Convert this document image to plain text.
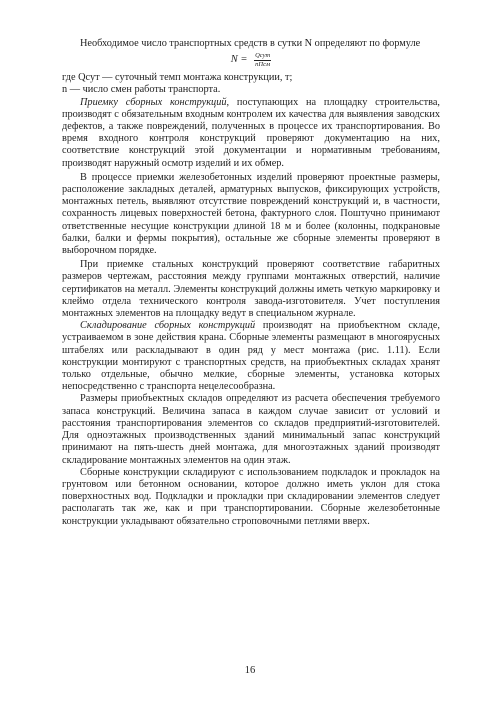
Необходимое число транспортных средств в сутки N определяют по формуле

$N = \frac{\text{Qсут}}{\text{nПсм}}$

где Qсут — суточный темп монтажа конструкции, т;

n — число смен работы транспорта.

Приемку сборных конструкций, поступающих на площадку строительства, производят с обязательным входным контролем их качества для выявления заводских дефектов, а также повреждений, полученных в процессе их транспортирования. Во время входного контроля конструкций проверяют документацию на них, соответствие конструкций этой документации и нормативным требованиям, производят наружный осмотр изделий и их обмер.

В процессе приемки железобетонных изделий проверяют проектные размеры, расположение закладных деталей, арматурных выпусков, фиксирующих устройств, монтажных петель, выявляют отсутствие повреждений конструкций и, в частности, сохранность лицевых поверхностей бетона, фактурного слоя. Поштучно принимают ответственные несущие конструкции длиной 18 м и более (колонны, подкрановые балки, балки и фермы покрытия), остальные же сборные элементы проверяют в выборочном порядке.

При приемке стальных конструкций проверяют соответствие габаритных размеров чертежам, расстояния между группами монтажных отверстий, наличие сертификатов на металл. Элементы конструкций должны иметь четкую маркировку и клеймо отдела технического контроля завода-изготовителя. Учет поступления монтажных элементов на площадку ведут в специальном журнале.

Складирование сборных конструкций производят на приобъектном складе, устраиваемом в зоне действия крана. Сборные элементы размещают в многоярусных штабелях или раскладывают в один ряд у мест монтажа (рис. 1.11). Если конструкции монтируют с транспортных средств, на приобъектных складах хранят только отдельные, обычно мелкие, сборные элементы, установка которых непосредственно с транспорта нецелесообразна.

Размеры приобъектных складов определяют из расчета обеспечения требуемого запаса конструкций. Величина запаса в каждом случае зависит от условий и расстояния транспортирования элементов со складов предприятий-изготовителей. Для одноэтажных производственных зданий минимальный запас конструкций принимают на пять-шесть дней монтажа, для многоэтажных зданий производят складирование монтажных элементов на один этаж.

Сборные конструкции складируют с использованием подкладок и прокладок на грунтовом или бетонном основании, которое должно иметь уклон для стока поверхностных вод. Подкладки и прокладки при складировании элементов следует располагать так же, как и при транспортировании. Сборные железобетонные конструкции укладывают обязательно строповочными петлями вверх.

16
